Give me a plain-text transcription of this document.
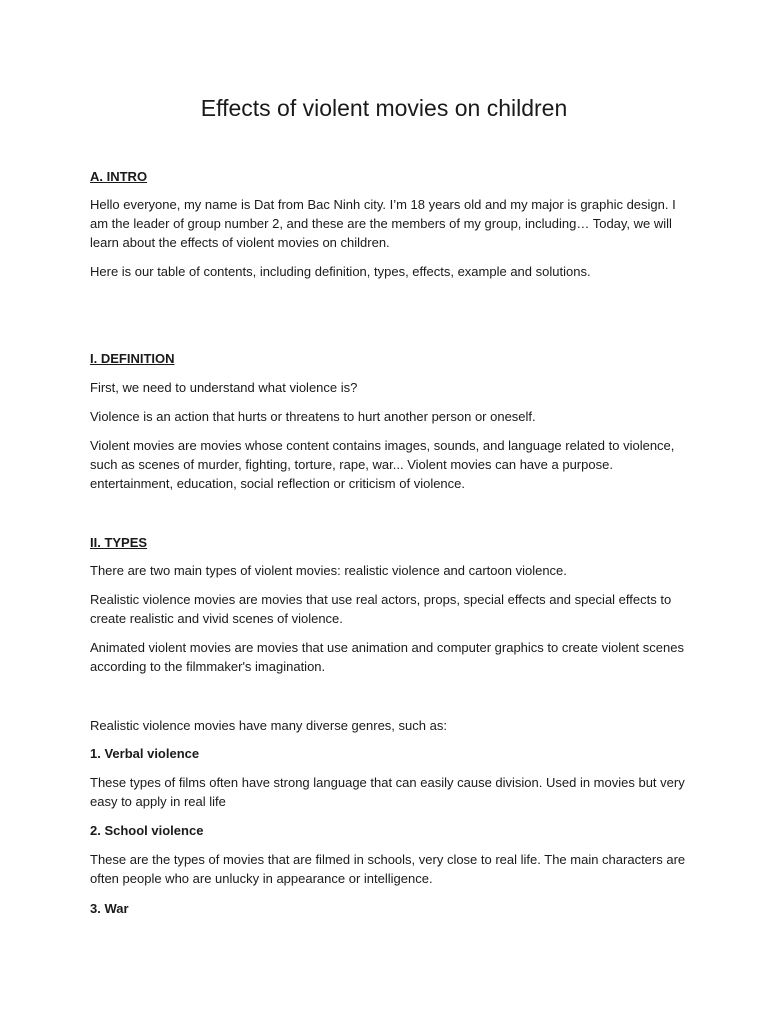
Effects of violent movies on children

A. INTRO

Hello everyone, my name is Dat from Bac Ninh city. I’m 18 years old and my major is graphic design. I am the leader of group number 2, and these are the members of my group, including… Today, we will learn about the effects of violent movies on children.

Here is our table of contents, including definition, types, effects, example and solutions.

I. DEFINITION

First, we need to understand what violence is?

Violence is an action that hurts or threatens to hurt another person or oneself.

Violent movies are movies whose content contains images, sounds, and language related to violence, such as scenes of murder, fighting, torture, rape, war... Violent movies can have a purpose. entertainment, education, social reflection or criticism of violence.

II. TYPES

There are two main types of violent movies: realistic violence and cartoon violence.

Realistic violence movies are movies that use real actors, props, special effects and special effects to create realistic and vivid scenes of violence.

Animated violent movies are movies that use animation and computer graphics to create violent scenes according to the filmmaker's imagination.

Realistic violence movies have many diverse genres, such as:

1. Verbal violence

These types of films often have strong language that can easily cause division. Used in movies but very easy to apply in real life

2. School violence

These are the types of movies that are filmed in schools, very close to real life. The main characters are often people who are unlucky in appearance or intelligence.

3. War
